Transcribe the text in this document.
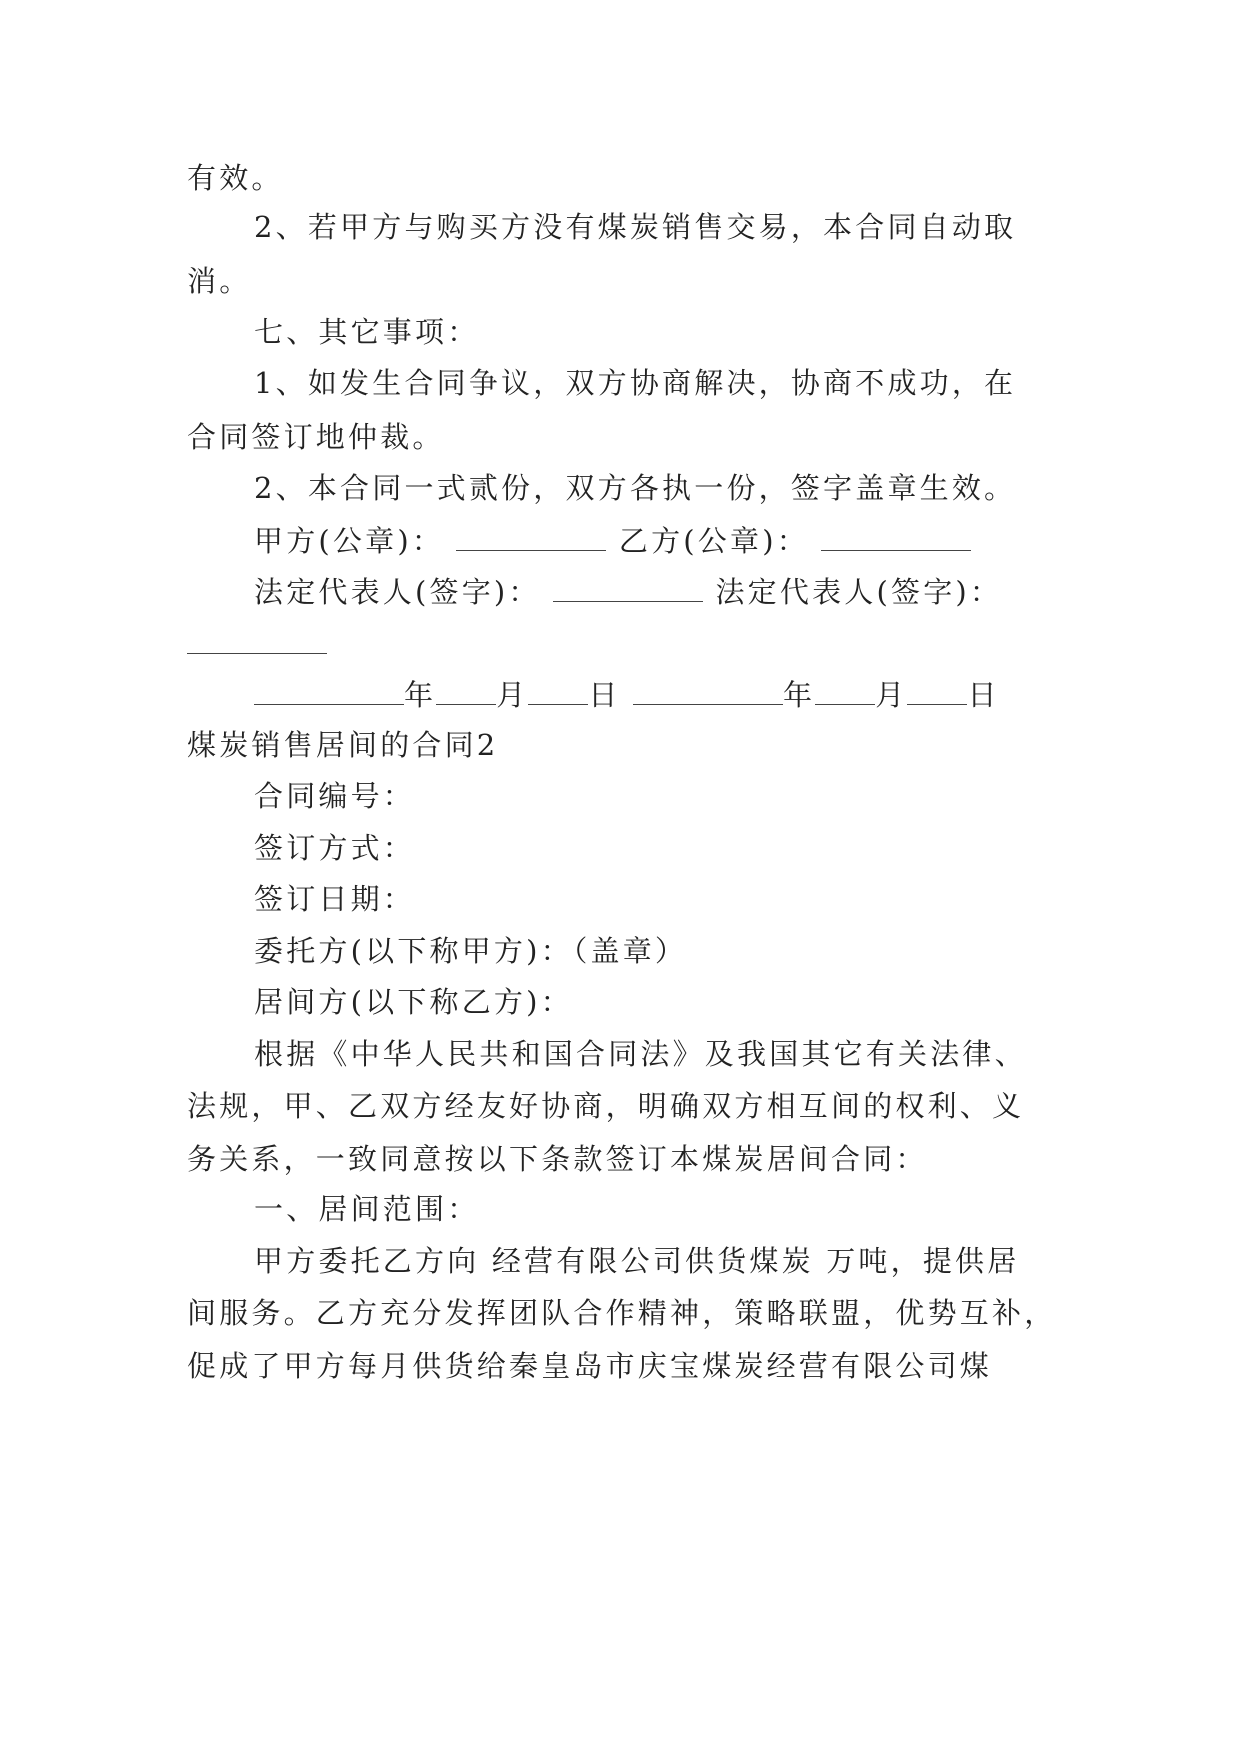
有效。
2、若甲方与购买方没有煤炭销售交易，本合同自动取
消。
七、其它事项：
1、如发生合同争议，双方协商解决，协商不成功，在
合同签订地仲裁。
2、本合同一式贰份，双方各执一份，签字盖章生效。
甲方(公章)：	乙方(公章)：
法定代表人(签字)：	法定代表人(签字)：
年 月 日	年 月 日
煤炭销售居间的合同2
合同编号：
签订方式：
签订日期：
委托方(以下称甲方)：（盖章）
居间方(以下称乙方)：
根据《中华人民共和国合同法》及我国其它有关法律、
法规，甲、乙双方经友好协商，明确双方相互间的权利、义
务关系，一致同意按以下条款签订本煤炭居间合同：
一、居间范围：
甲方委托乙方向 经营有限公司供货煤炭 万吨，提供居
间服务。乙方充分发挥团队合作精神，策略联盟，优势互补，
促成了甲方每月供货给秦皇岛市庆宝煤炭经营有限公司煤
